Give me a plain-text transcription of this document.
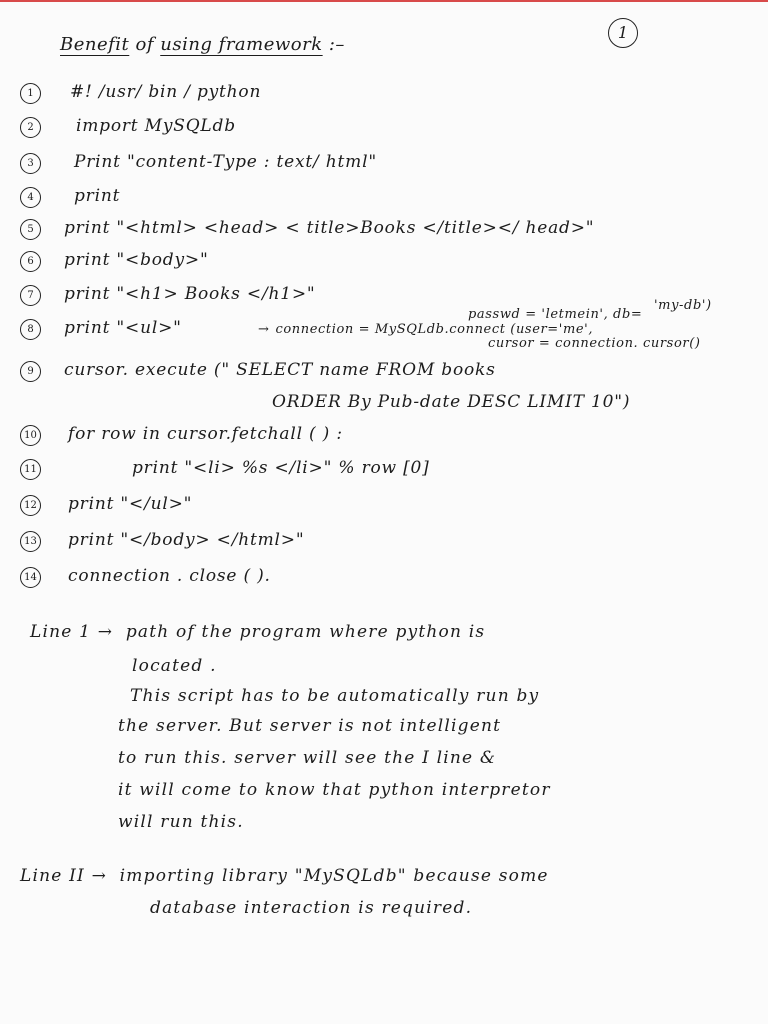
1
Benefit of using framework :–
1	#! /usr/ bin / python
2	import MySQLdb
3	Print "content-Type : text/ html"
4	print
5	print "<html> <head> < title>Books </title></ head>"
6	print "<body>"
7	print "<h1> Books </h1>"
8	print "<ul>"	→ connection = MySQLdb.connect (user='me',
passwd = 'letmein', db=
'my-db')
cursor = connection. cursor()
9	cursor. execute (" SELECT name FROM books
ORDER By Pub-date DESC LIMIT 10")
10 for row in cursor.fetchall ( ) :
11	print "<li> %s </li>" % row [0]
12 print "</ul>"
13 print "</body> </html>"
14 connection . close ( ).
Line 1 → path of the program where python is
located .
This script has to be automatically run by
the server. But server is not intelligent
to run this. server will see the I line &
it will come to know that python interpretor
will run this.
Line II → importing library "MySQLdb" because some
database interaction is required.
